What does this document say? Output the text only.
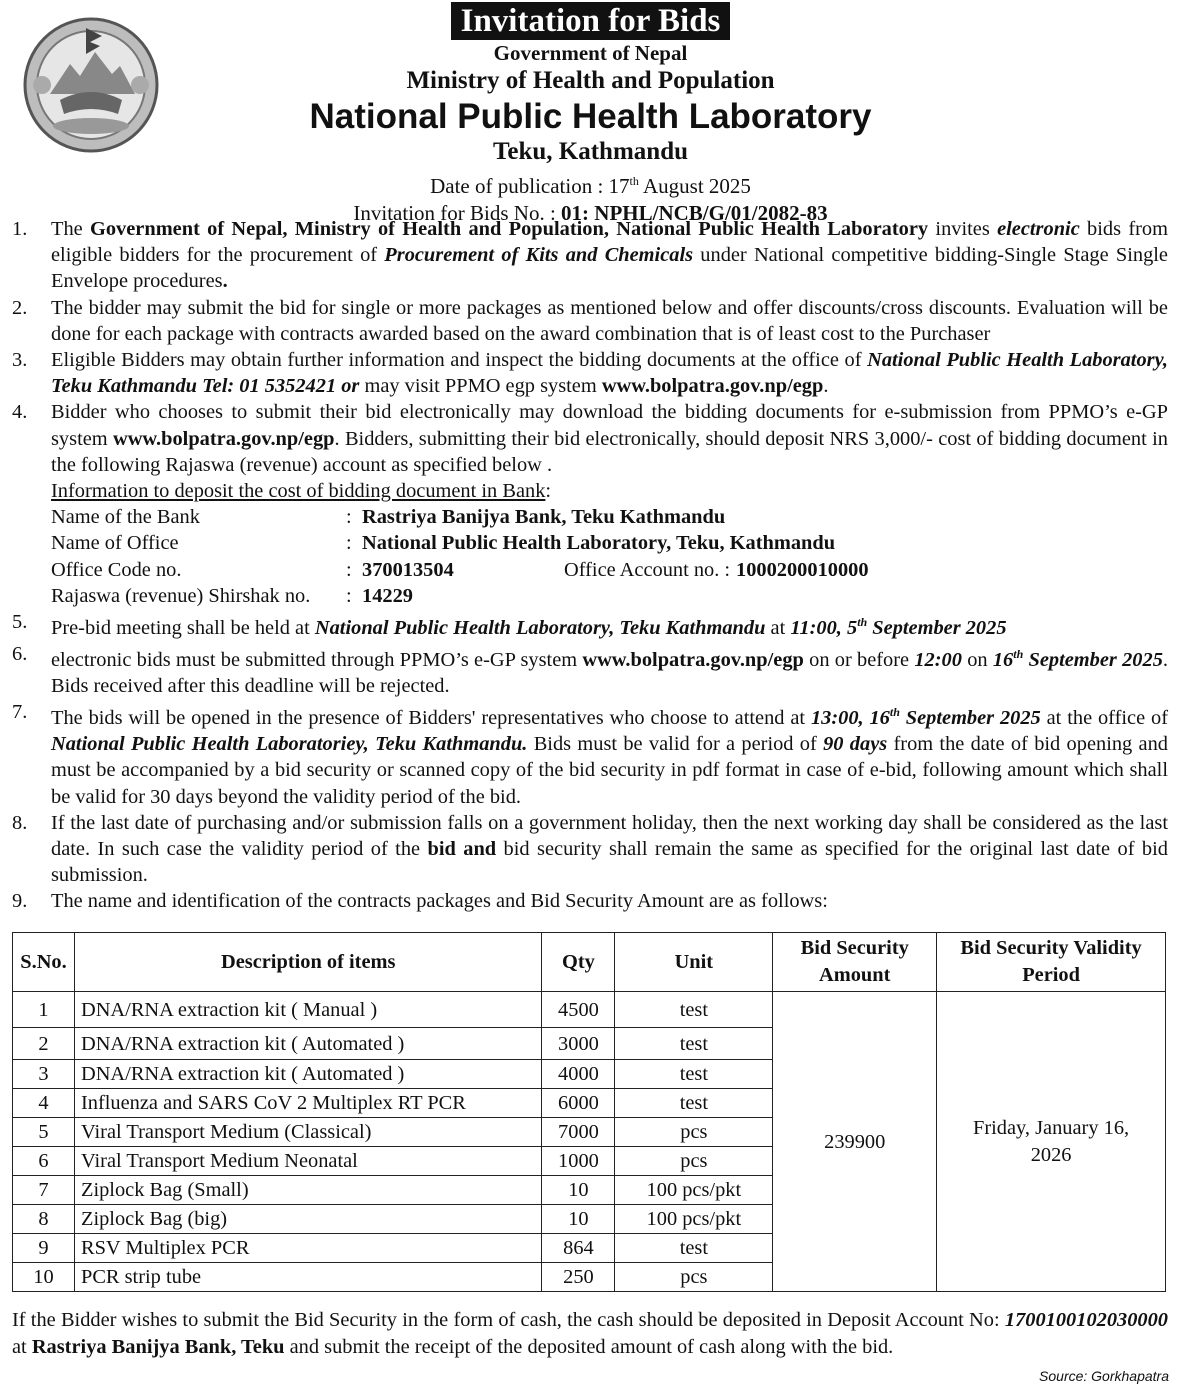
Invitation for Bids
Government of Nepal
Ministry of Health and Population
National Public Health Laboratory
Teku, Kathmandu
Date of publication : 17th August 2025
Invitation for Bids No. : 01: NPHL/NCB/G/01/2082-83
1. The Government of Nepal, Ministry of Health and Population, National Public Health Laboratory invites electronic bids from eligible bidders for the procurement of Procurement of Kits and Chemicals under National competitive bidding-Single Stage Single Envelope procedures.
2. The bidder may submit the bid for single or more packages as mentioned below and offer discounts/cross discounts. Evaluation will be done for each package with contracts awarded based on the award combination that is of least cost to the Purchaser
3. Eligible Bidders may obtain further information and inspect the bidding documents at the office of National Public Health Laboratory, Teku Kathmandu Tel: 01 5352421 or may visit PPMO egp system www.bolpatra.gov.np/egp.
4. Bidder who chooses to submit their bid electronically may download the bidding documents for e-submission from PPMO’s e-GP system www.bolpatra.gov.np/egp. Bidders, submitting their bid electronically, should deposit NRS 3,000/- cost of bidding document in the following Rajaswa (revenue) account as specified below .
Information to deposit the cost of bidding document in Bank:
Name of the Bank	: Rastriya Banijya Bank, Teku Kathmandu
Name of Office	: National Public Health Laboratory, Teku, Kathmandu
Office Code no.	: 370013504	Office Account no. : 1000200010000
Rajaswa (revenue) Shirshak no. : 14229
5. Pre-bid meeting shall be held at National Public Health Laboratory, Teku Kathmandu at 11:00, 5th September 2025
6. electronic bids must be submitted through PPMO’s e-GP system www.bolpatra.gov.np/egp on or before 12:00 on 16th September 2025. Bids received after this deadline will be rejected.
7. The bids will be opened in the presence of Bidders' representatives who choose to attend at 13:00, 16th September 2025 at the office of National Public Health Laboratoriey, Teku Kathmandu. Bids must be valid for a period of 90 days from the date of bid opening and must be accompanied by a bid security or scanned copy of the bid security in pdf format in case of e-bid, following amount which shall be valid for 30 days beyond the validity period of the bid.
8. If the last date of purchasing and/or submission falls on a government holiday, then the next working day shall be considered as the last date. In such case the validity period of the bid and bid security shall remain the same as specified for the original last date of bid submission.
9. The name and identification of the contracts packages and Bid Security Amount are as follows:
S.No.	Description of items	Qty	Unit	Bid Security
Amount	Bid Security Validity
Period
1	DNA/RNA extraction kit ( Manual )	4500	test	239900	Friday, January 16,
2026
2	DNA/RNA extraction kit ( Automated )	3000	test		
3	DNA/RNA extraction kit ( Automated )	4000	test		
4	Influenza and SARS CoV 2 Multiplex RT PCR	6000	test		
5	Viral Transport Medium (Classical)	7000	pcs		
6	Viral Transport Medium Neonatal	1000	pcs		
7	Ziplock Bag (Small)	10	100 pcs/pkt		
8	Ziplock Bag (big)	10	100 pcs/pkt		
9	RSV Multiplex PCR	864	test		
10	PCR strip tube	250	pcs		
If the Bidder wishes to submit the Bid Security in the form of cash, the cash should be deposited in Deposit Account No: 1700100102030000 at Rastriya Banijya Bank, Teku and submit the receipt of the deposited amount of cash along with the bid.
Source: Gorkhapatra
